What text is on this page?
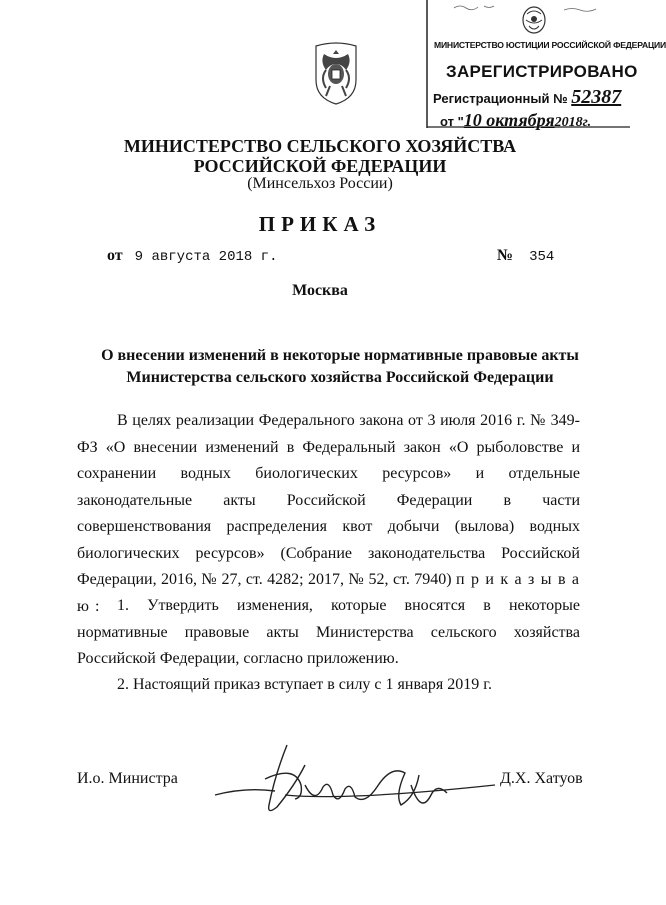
МИНИСТЕРСТВО ЮСТИЦИИ РОССИЙСКОЙ ФЕДЕРАЦИИ
ЗАРЕГИСТРИРОВАНО
Регистрационный № 52387
от "10 октября2018г.
МИНИСТЕРСТВО СЕЛЬСКОГО ХОЗЯЙСТВА
РОССИЙСКОЙ ФЕДЕРАЦИИ
(Минсельхоз России)
ПРИКАЗ
от 9 августа 2018 г.	№ 354
Москва
О внесении изменений в некоторые нормативные правовые акты
Министерства сельского хозяйства Российской Федерации
В целях реализации Федерального закона от 3 июля 2016 г. № 349-ФЗ «О внесении изменений в Федеральный закон «О рыболовстве и сохранении водных биологических ресурсов» и отдельные законодательные акты Российской Федерации в части совершенствования распределения квот добычи (вылова) водных биологических ресурсов» (Собрание законодательства Российской Федерации, 2016, № 27, ст. 4282; 2017, № 52, ст. 7940) п р и к а з ы в а ю :	1. Утвердить изменения, которые вносятся в некоторые нормативные правовые акты Министерства сельского хозяйства Российской Федерации, согласно приложению.
2. Настоящий приказ вступает в силу с 1 января 2019 г.
И.о. Министра	Д.Х. Хатуов
